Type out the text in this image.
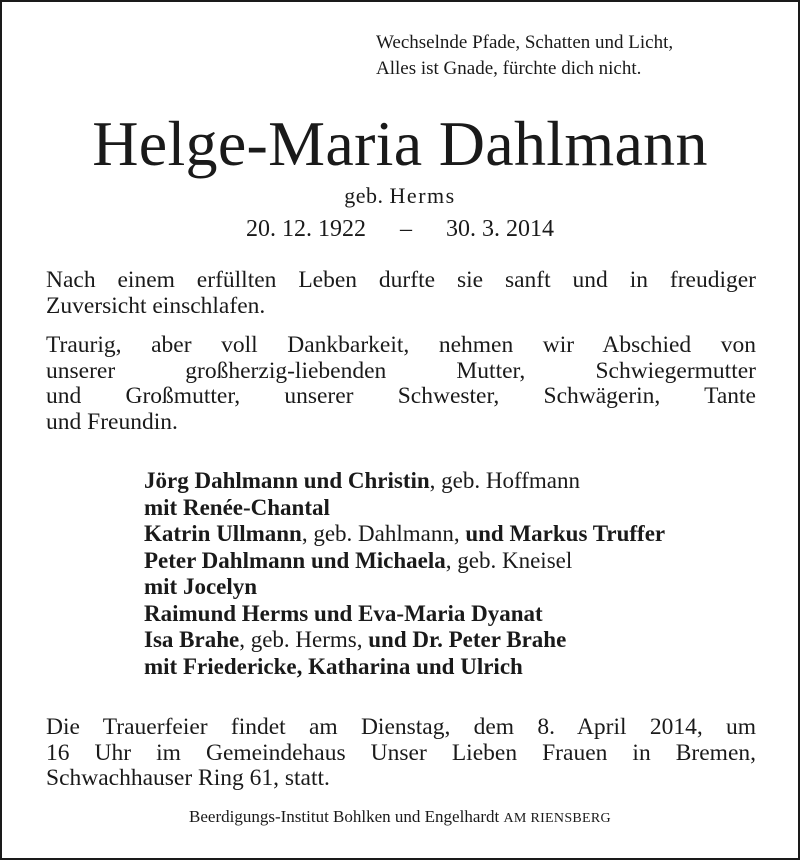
Wechselnde Pfade, Schatten und Licht,
Alles ist Gnade, fürchte dich nicht.
Helge-Maria Dahlmann
geb. Herms
20. 12. 1922 – 30. 3. 2014
Nach einem erfüllten Leben durfte sie sanft und in freudiger
Zuversicht einschlafen.
Traurig, aber voll Dankbarkeit, nehmen wir Abschied von
unserer großherzig-liebenden Mutter, Schwiegermutter
und Großmutter, unserer Schwester, Schwägerin, Tante
und Freundin.
Jörg Dahlmann und Christin, geb. Hoffmann
mit Renée-Chantal
Katrin Ullmann, geb. Dahlmann, und Markus Truffer
Peter Dahlmann und Michaela, geb. Kneisel
mit Jocelyn
Raimund Herms und Eva-Maria Dyanat
Isa Brahe, geb. Herms, und Dr. Peter Brahe
mit Friedericke, Katharina und Ulrich
Die Trauerfeier findet am Dienstag, dem 8. April 2014, um
16 Uhr im Gemeindehaus Unser Lieben Frauen in Bremen,
Schwachhauser Ring 61, statt.
Beerdigungs-Institut Bohlken und Engelhardt AM RIENSBERG
